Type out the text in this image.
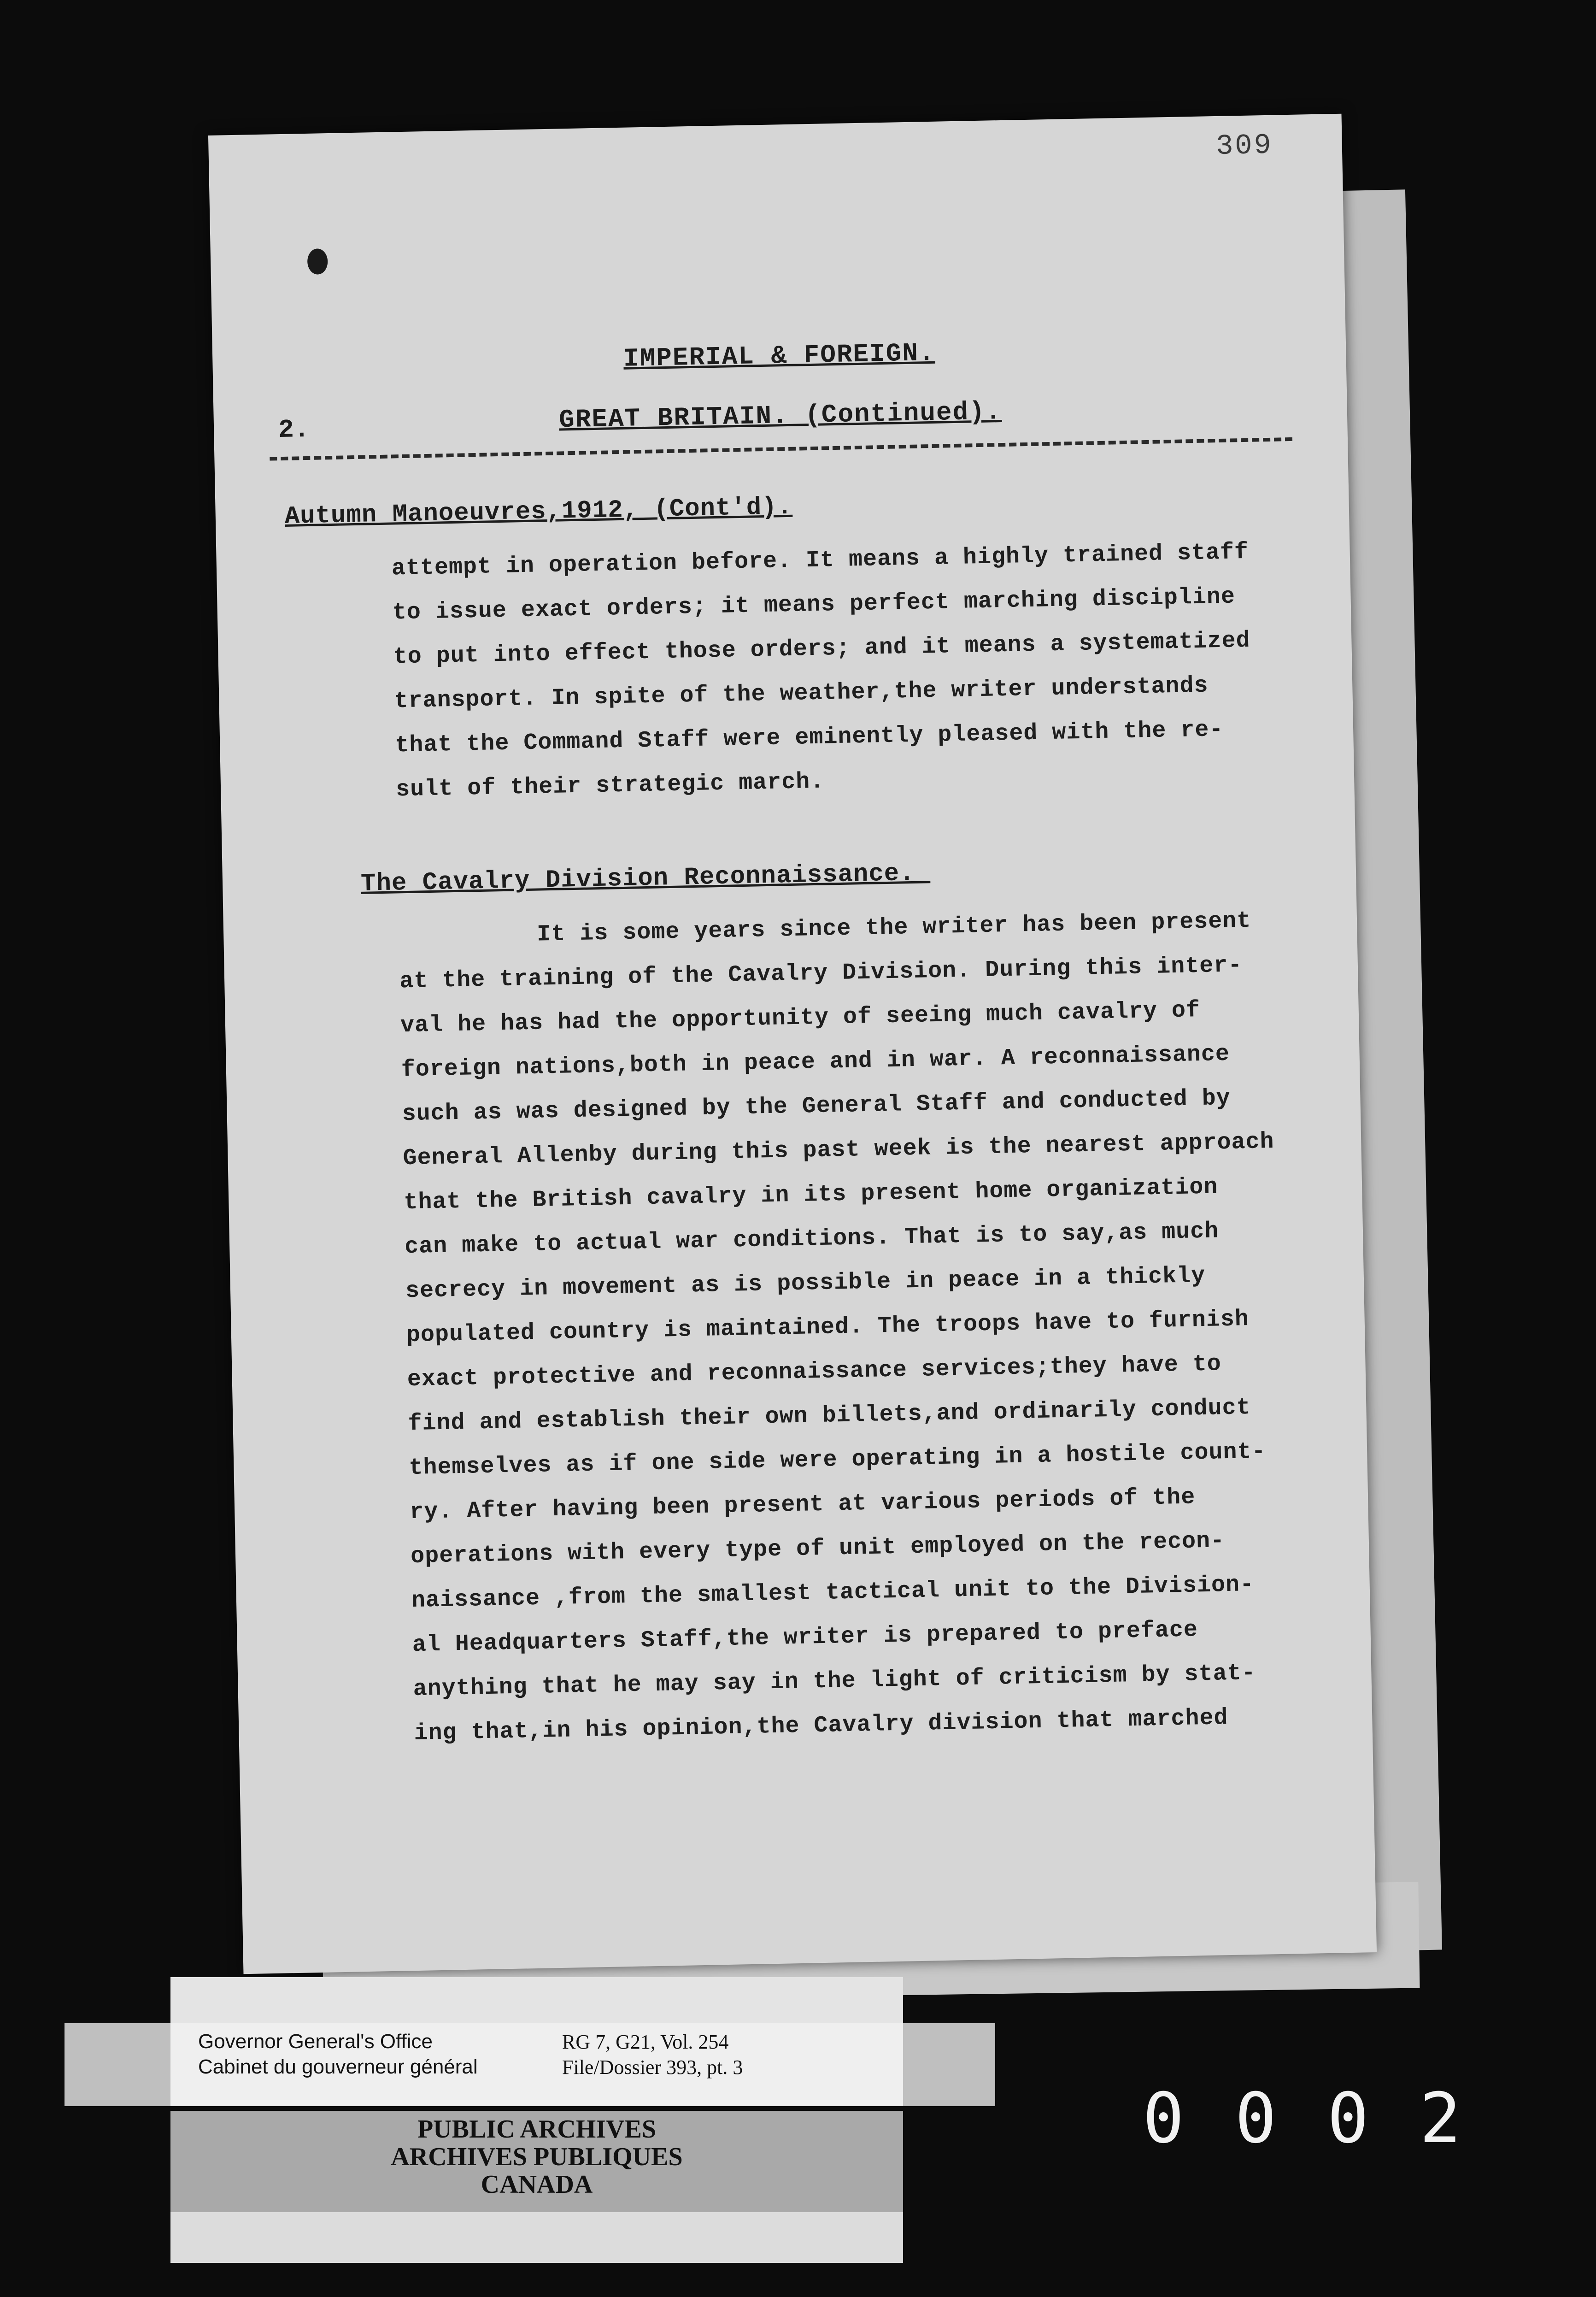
309
2.
IMPERIAL & FOREIGN.
GREAT BRITAIN. (Continued).
Autumn Manoeuvres,1912, (Cont'd).
attempt in operation before. It means a highly trained staff
to issue exact orders; it means perfect marching discipline
to put into effect those orders; and it means a systematized
transport. In spite of the weather,the writer understands
that the Command Staff were eminently pleased with the re-
sult of their strategic march.
The Cavalry Division Reconnaissance._
It is some years since the writer has been present
at the training of the Cavalry Division. During this inter-
val he has had the opportunity of seeing much cavalry of
foreign nations,both in peace and in war. A reconnaissance
such as was designed by the General Staff and conducted by
General Allenby during this past week is the nearest approach
that the British cavalry in its present home organization
can make to actual war conditions. That is to say,as much
secrecy in movement as is possible in peace in a thickly
populated country is maintained. The troops have to furnish
exact protective and reconnaissance services;they have to
find and establish their own billets,and ordinarily conduct
themselves as if one side were operating in a hostile count-
ry. After having been present at various periods of the
operations with every type of unit employed on the recon-
naissance ,from the smallest tactical unit to the Division-
al Headquarters Staff,the writer is prepared to preface
anything that he may say in the light of criticism by stat-
ing that,in his opinion,the Cavalry division that marched
Governor General's Office
Cabinet du gouverneur général
RG 7, G21, Vol. 254
File/Dossier 393, pt. 3
PUBLIC ARCHIVES
ARCHIVES PUBLIQUES
CANADA
0002
